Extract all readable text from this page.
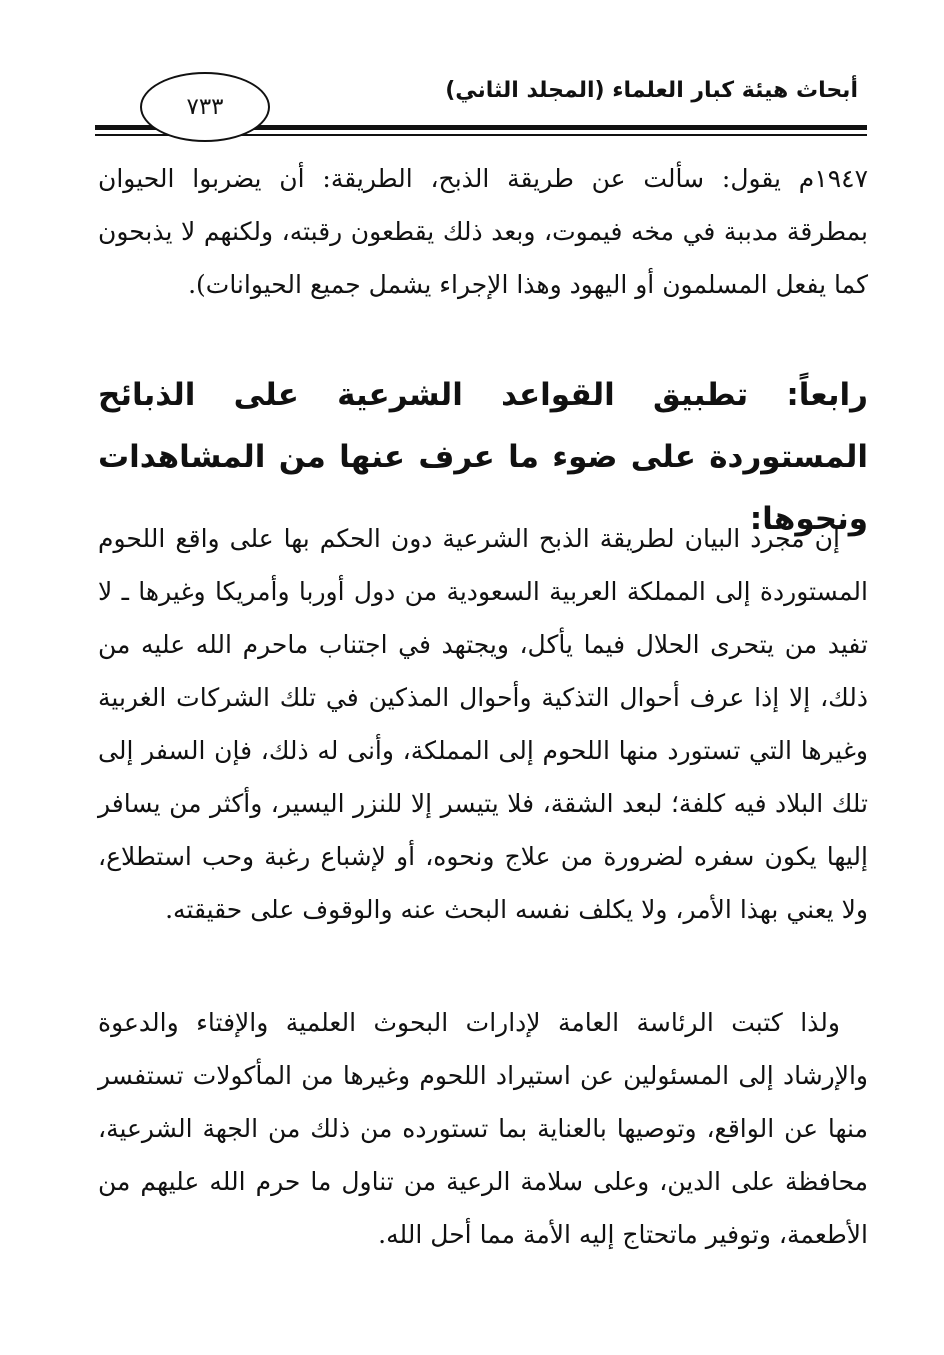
أبحاث هيئة كبار العلماء (المجلد الثاني)
٧٣٣
١٩٤٧م يقول: سألت عن طريقة الذبح، الطريقة: أن يضربوا الحيوان بمطرقة مدببة في مخه فيموت، وبعد ذلك يقطعون رقبته، ولكنهم لا يذبحون كما يفعل المسلمون أو اليهود وهذا الإجراء يشمل جميع الحيوانات).
رابعاً: تطبيق القواعد الشرعية على الذبائح المستوردة على ضوء ما عرف عنها من المشاهدات ونحوها:
إن مجرد البيان لطريقة الذبح الشرعية دون الحكم بها على واقع اللحوم المستوردة إلى المملكة العربية السعودية من دول أوربا وأمريكا وغيرها ـ لا تفيد من يتحرى الحلال فيما يأكل، ويجتهد في اجتناب ماحرم الله عليه من ذلك، إلا إذا عرف أحوال التذكية وأحوال المذكين في تلك الشركات الغربية وغيرها التي تستورد منها اللحوم إلى المملكة، وأنى له ذلك، فإن السفر إلى تلك البلاد فيه كلفة؛ لبعد الشقة، فلا يتيسر إلا للنزر اليسير، وأكثر من يسافر إليها يكون سفره لضرورة من علاج ونحوه، أو لإشباع رغبة وحب استطلاع، ولا يعني بهذا الأمر، ولا يكلف نفسه البحث عنه والوقوف على حقيقته.
ولذا كتبت الرئاسة العامة لإدارات البحوث العلمية والإفتاء والدعوة والإرشاد إلى المسئولين عن استيراد اللحوم وغيرها من المأكولات تستفسر منها عن الواقع، وتوصيها بالعناية بما تستورده من ذلك من الجهة الشرعية، محافظة على الدين، وعلى سلامة الرعية من تناول ما حرم الله عليهم من الأطعمة، وتوفير ماتحتاج إليه الأمة مما أحل الله.
